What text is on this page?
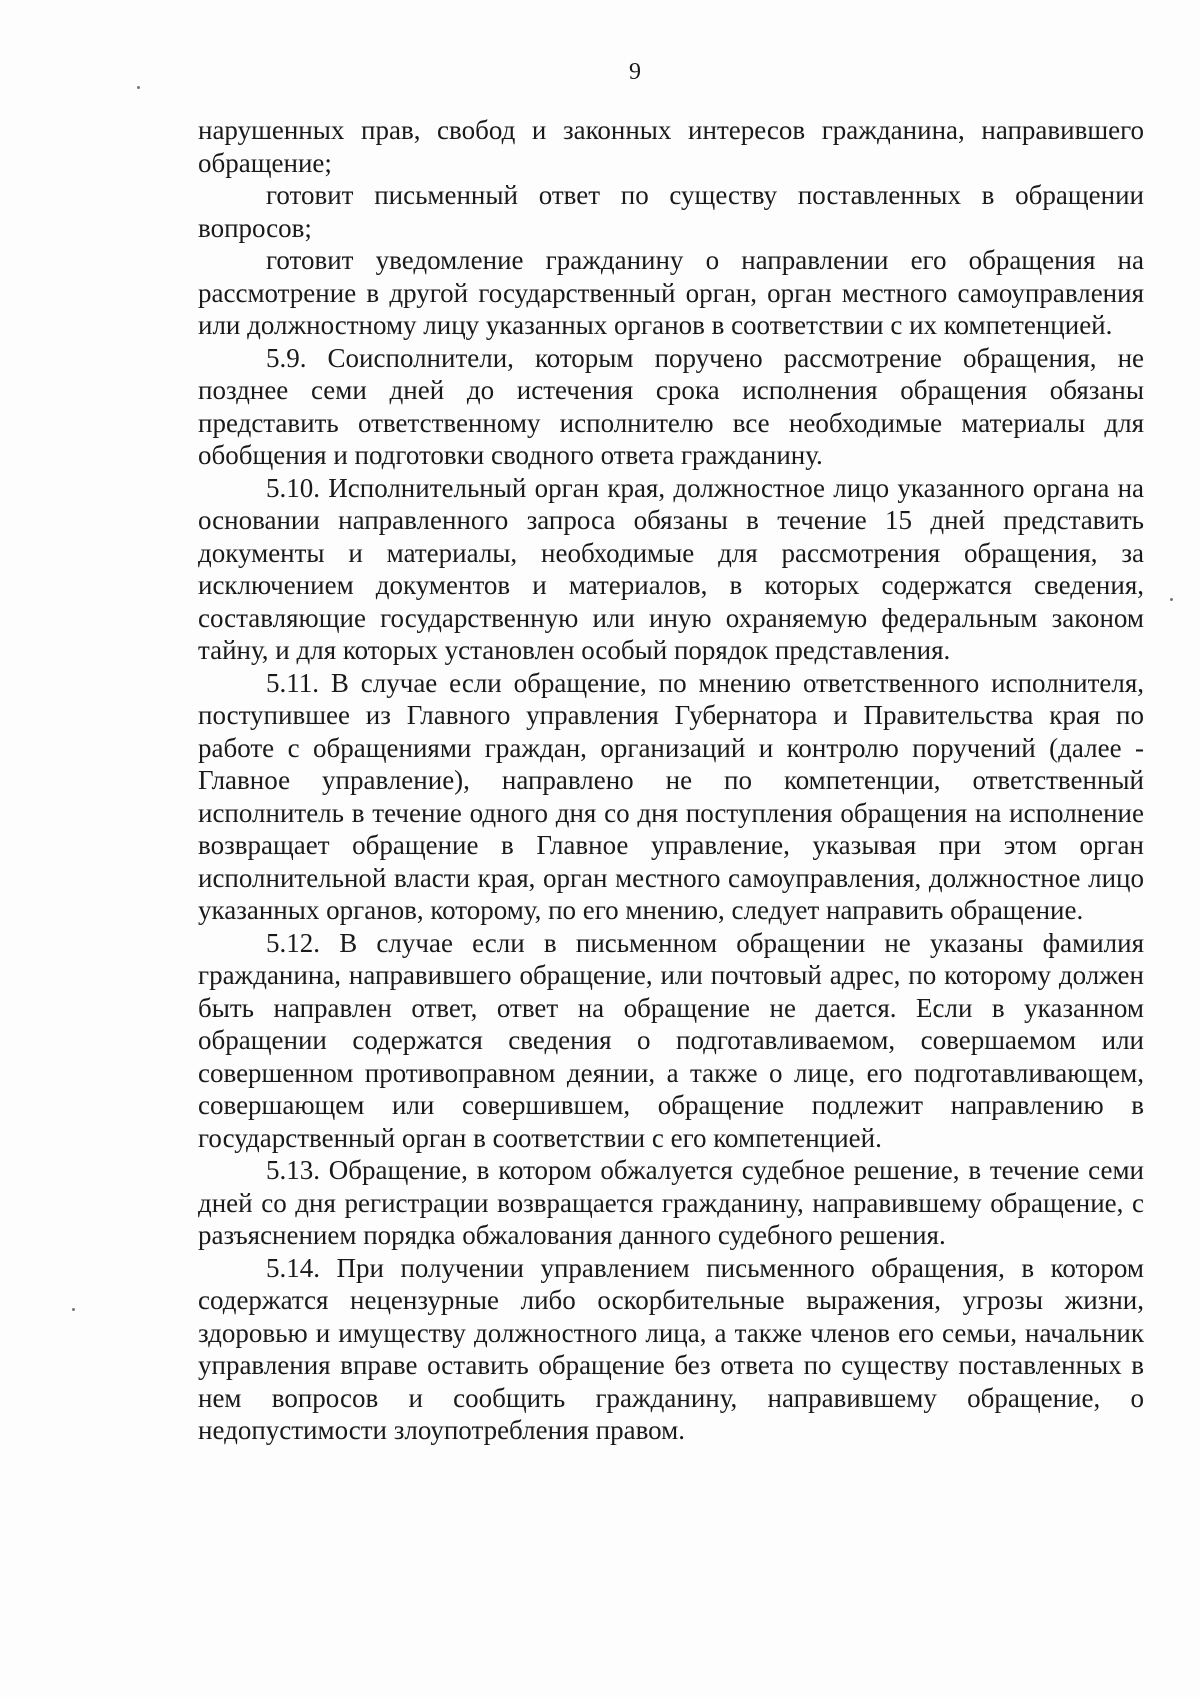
9

нарушенных прав, свобод и законных интересов гражданина, направившего обращение;

готовит письменный ответ по существу поставленных в обращении вопросов;

готовит уведомление гражданину о направлении его обращения на рассмотрение в другой государственный орган, орган местного самоуправления или должностному лицу указанных органов в соответствии с их компетенцией.

5.9. Соисполнители, которым поручено рассмотрение обращения, не позднее семи дней до истечения срока исполнения обращения обязаны представить ответственному исполнителю все необходимые материалы для обобщения и подготовки сводного ответа гражданину.

5.10. Исполнительный орган края, должностное лицо указанного органа на основании направленного запроса обязаны в течение 15 дней представить документы и материалы, необходимые для рассмотрения обращения, за исключением документов и материалов, в которых содержатся сведения, составляющие государственную или иную охраняемую федеральным законом тайну, и для которых установлен особый порядок представления.

5.11. В случае если обращение, по мнению ответственного исполнителя, поступившее из Главного управления Губернатора и Правительства края по работе с обращениями граждан, организаций и контролю поручений (далее - Главное управление), направлено не по компетенции, ответственный исполнитель в течение одного дня со дня поступления обращения на исполнение возвращает обращение в Главное управление, указывая при этом орган исполнительной власти края, орган местного самоуправления, должностное лицо указанных органов, которому, по его мнению, следует направить обращение.

5.12. В случае если в письменном обращении не указаны фамилия гражданина, направившего обращение, или почтовый адрес, по которому должен быть направлен ответ, ответ на обращение не дается. Если в указанном обращении содержатся сведения о подготавливаемом, совершаемом или совершенном противоправном деянии, а также о лице, его подготавливающем, совершающем или совершившем, обращение подлежит направлению в государственный орган в соответствии с его компетенцией.

5.13. Обращение, в котором обжалуется судебное решение, в течение семи дней со дня регистрации возвращается гражданину, направившему обращение, с разъяснением порядка обжалования данного судебного решения.

5.14. При получении управлением письменного обращения, в котором содержатся нецензурные либо оскорбительные выражения, угрозы жизни, здоровью и имуществу должностного лица, а также членов его семьи, начальник управления вправе оставить обращение без ответа по существу поставленных в нем вопросов и сообщить гражданину, направившему обращение, о недопустимости злоупотребления правом.
